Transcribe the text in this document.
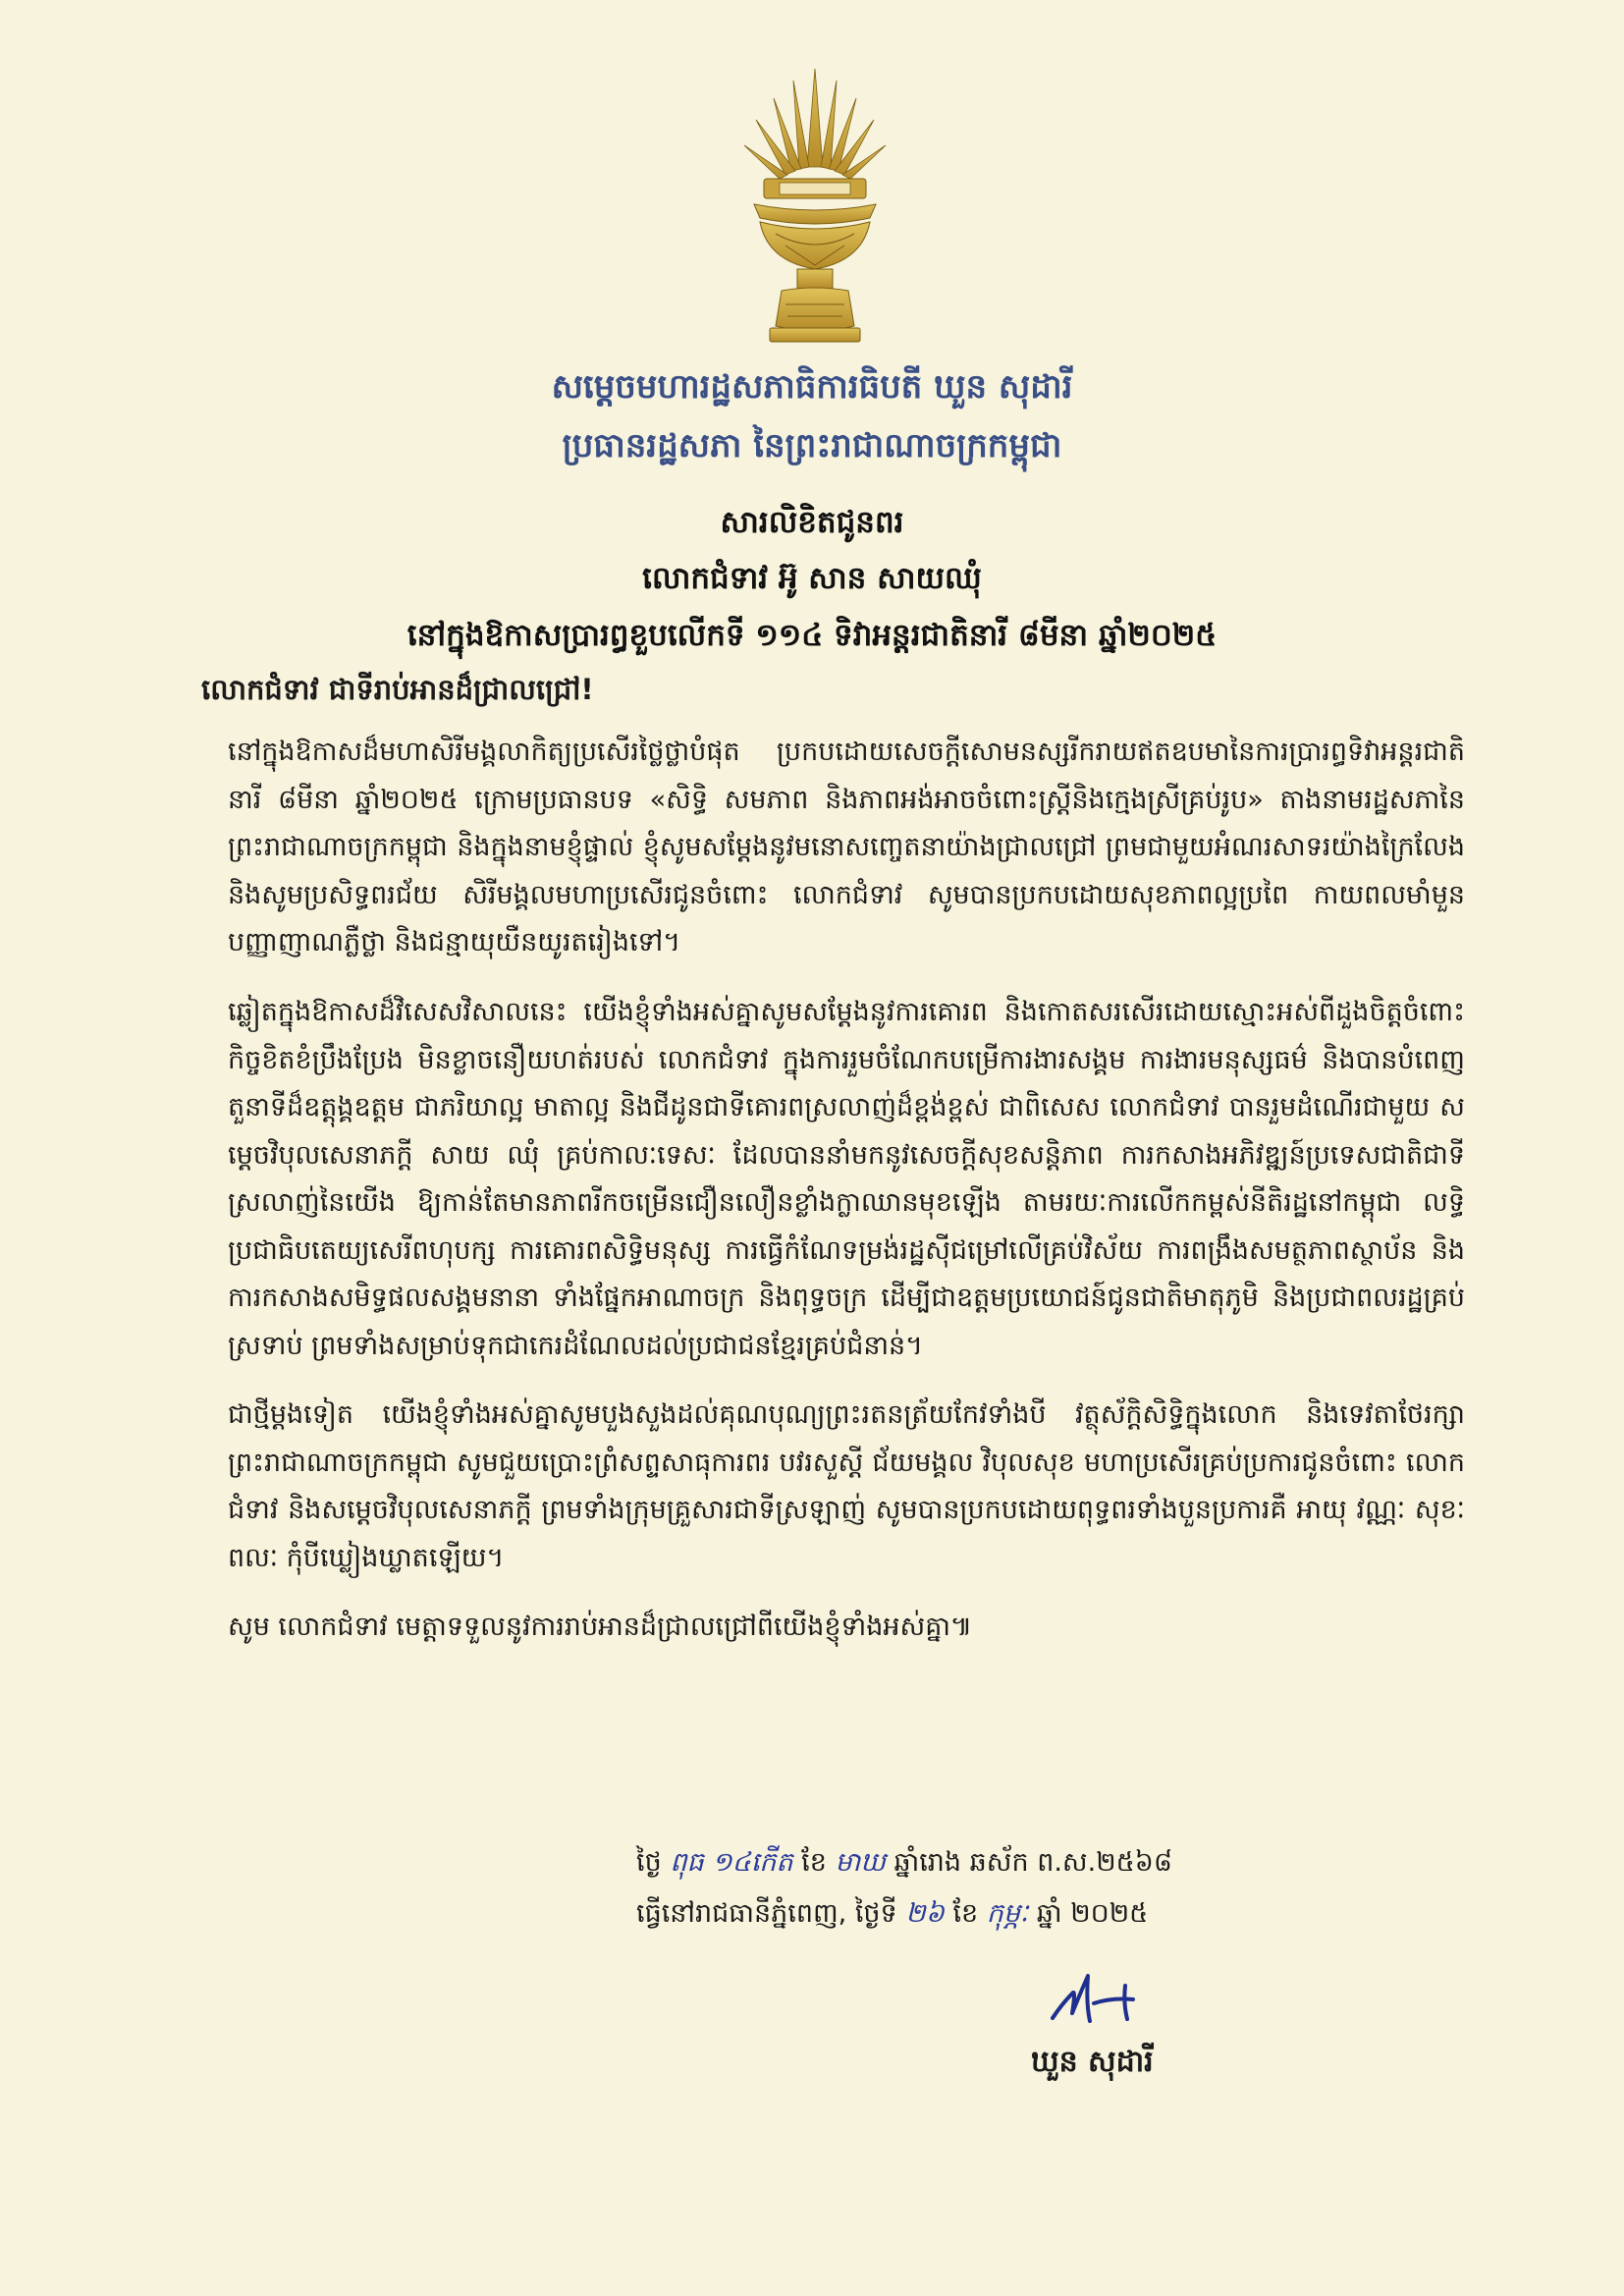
សម្តេចមហារដ្ឋសភាធិការធិបតី ឃួន សុដារី
ប្រធានរដ្ឋសភា នៃព្រះរាជាណាចក្រកម្ពុជា
សារលិខិតជូនពរ
លោកជំទាវ អ៊ូ សាន សាយឈុំ
នៅក្នុងឱកាសប្រារព្ធខួបលើកទី ១១៤ ទិវាអន្តរជាតិនារី ៨មីនា ឆ្នាំ២០២៥
លោកជំទាវ ជាទីរាប់អានដ៏ជ្រាលជ្រៅ!
នៅក្នុងឱកាសដ៏មហាសិរីមង្គលាកិត្យប្រសើរថ្លៃថ្លាបំផុត ប្រកបដោយសេចក្តីសោមនស្សរីករាយឥតឧបមានៃការប្រារព្ធទិវាអន្តរជាតិនារី ៨មីនា ឆ្នាំ២០២៥ ក្រោមប្រធានបទ «សិទ្ធិ សមភាព និងភាពអង់អាចចំពោះស្ត្រីនិងក្មេងស្រីគ្រប់រូប» តាងនាមរដ្ឋសភានៃព្រះរាជាណាចក្រកម្ពុជា និងក្នុងនាមខ្ញុំផ្ទាល់ ខ្ញុំសូមសម្តែងនូវមនោសញ្ចេតនាយ៉ាងជ្រាលជ្រៅ ព្រមជាមួយអំណរសាទរយ៉ាងក្រៃលែង និងសូមប្រសិទ្ធពរជ័យ សិរីមង្គលមហាប្រសើរជូនចំពោះ លោកជំទាវ សូមបានប្រកបដោយសុខភាពល្អប្រពៃ កាយពលមាំមួន បញ្ញាញាណភ្លឺថ្លា និងជន្មាយុយឺនយូរតរៀងទៅ។
ឆ្លៀតក្នុងឱកាសដ៏វិសេសវិសាលនេះ យើងខ្ញុំទាំងអស់គ្នាសូមសម្តែងនូវការគោរព និងកោតសរសើរដោយស្មោះអស់ពីដួងចិត្តចំពោះកិច្ចខិតខំប្រឹងប្រែង មិនខ្លាចនឿយហត់របស់ លោកជំទាវ ក្នុងការរួមចំណែកបម្រើការងារសង្គម ការងារមនុស្សធម៌ និងបានបំពេញតួនាទីដ៏ឧត្តុង្គឧត្តម ជាភរិយាល្អ មាតាល្អ និងជីដូនជាទីគោរពស្រលាញ់ដ៏ខ្ពង់ខ្ពស់ ជាពិសេស លោកជំទាវ បានរួមដំណើរជាមួយ សម្តេចវិបុលសេនាភក្តី សាយ ឈុំ គ្រប់កាលៈទេសៈ ដែលបាននាំមកនូវសេចក្តីសុខសន្តិភាព ការកសាងអភិវឌ្ឍន៍ប្រទេសជាតិជាទីស្រលាញ់នៃយើង ឱ្យកាន់តែមានភាពរីកចម្រើនជឿនលឿនខ្លាំងក្លាឈានមុខឡើង តាមរយៈការលើកកម្ពស់នីតិរដ្ឋនៅកម្ពុជា លទ្ធិប្រជាធិបតេយ្យសេរីពហុបក្ស ការគោរពសិទ្ធិមនុស្ស ការធ្វើកំណែទម្រង់រដ្ឋស៊ីជម្រៅលើគ្រប់វិស័យ ការពង្រឹងសមត្ថភាពស្ថាប័ន និងការកសាងសមិទ្ធផលសង្គមនានា ទាំងផ្នែកអាណាចក្រ និងពុទ្ធចក្រ ដើម្បីជាឧត្តមប្រយោជន៍ជូនជាតិមាតុភូមិ និងប្រជាពលរដ្ឋគ្រប់ស្រទាប់ ព្រមទាំងសម្រាប់ទុកជាកេរដំណែលដល់ប្រជាជនខ្មែរគ្រប់ជំនាន់។
ជាថ្មីម្តងទៀត យើងខ្ញុំទាំងអស់គ្នាសូមបួងសួងដល់គុណបុណ្យព្រះរតនត្រ័យកែវទាំងបី វត្ថុស័ក្តិសិទ្ធិក្នុងលោក និងទេវតាថែរក្សាព្រះរាជាណាចក្រកម្ពុជា សូមជួយប្រោះព្រំសព្ទសាធុការពរ បវរសួស្តី ជ័យមង្គល វិបុលសុខ មហាប្រសើរគ្រប់ប្រការជូនចំពោះ លោកជំទាវ និងសម្តេចវិបុលសេនាភក្តី ព្រមទាំងក្រុមគ្រួសារជាទីស្រឡាញ់ សូមបានប្រកបដោយពុទ្ធពរទាំងបួនប្រការគឺ អាយុ វណ្ណៈ សុខៈ ពលៈ កុំបីឃ្លៀងឃ្លាតឡើយ។
សូម លោកជំទាវ មេត្តាទទួលនូវការរាប់អានដ៏ជ្រាលជ្រៅពីយើងខ្ញុំទាំងអស់គ្នា៕
ថ្ងៃ ពុធ ១៤កើត ខែ មាឃ ឆ្នាំរោង ឆស័ក ព.ស.២៥៦៨
ធ្វើនៅរាជធានីភ្នំពេញ, ថ្ងៃទី ២៦ ខែ កុម្ភៈ ឆ្នាំ ២០២៥
ឃួន សុដារី
